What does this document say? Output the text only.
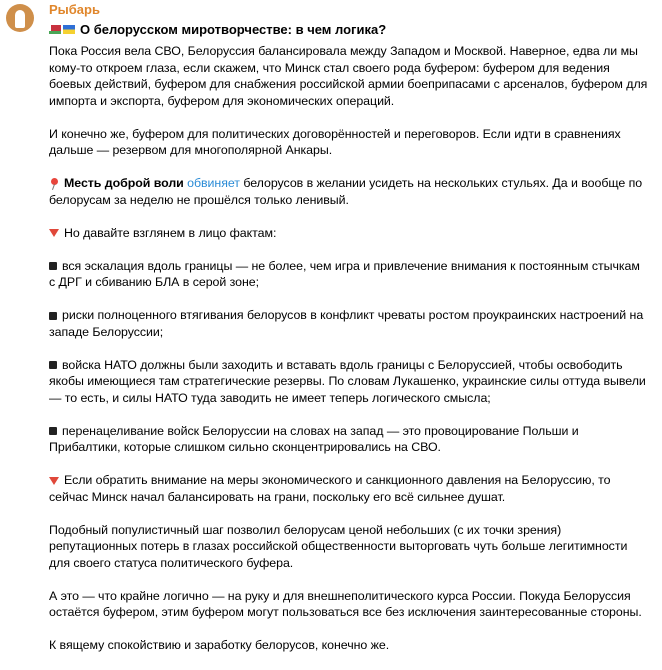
Рыбарь
О белорусском миротворчестве: в чем логика?

Пока Россия вела СВО, Белоруссия балансировала между Западом и Москвой. Наверное, едва ли мы кому-то откроем глаза, если скажем, что Минск стал своего рода буфером: буфером для ведения боевых действий, буфером для снабжения российской армии боеприпасами с арсеналов, буфером для импорта и экспорта, буфером для экономических операций.

И конечно же, буфером для политических договорённостей и переговоров. Если идти в сравнениях дальше — резервом для многополярной Анкары.

Месть доброй воли обвиняет белорусов в желании усидеть на нескольких стульях. Да и вообще по белорусам за неделю не прошёлся только ленивый.

Но давайте взглянем в лицо фактам:

вся эскалация вдоль границы — не более, чем игра и привлечение внимания к постоянным стычкам с ДРГ и сбиванию БЛА в серой зоне;

риски полноценного втягивания белорусов в конфликт чреваты ростом проукраинских настроений на западе Белоруссии;

войска НАТО должны были заходить и вставать вдоль границы с Белоруссией, чтобы освободить якобы имеющиеся там стратегические резервы. По словам Лукашенко, украинские силы оттуда вывели — то есть, и силы НАТО туда заводить не имеет теперь логического смысла;

перенацеливание войск Белоруссии на словах на запад — это провоцирование Польши и Прибалтики, которые слишком сильно сконцентрировались на СВО.

Если обратить внимание на меры экономического и санкционного давления на Белоруссию, то сейчас Минск начал балансировать на грани, поскольку его всё сильнее душат.

Подобный популистичный шаг позволил белорусам ценой небольших (с их точки зрения) репутационных потерь в глазах российской общественности выторговать чуть больше легитимности для своего статуса политического буфера.

А это — что крайне логично — на руку и для внешнеполитического курса России. Покуда Белоруссия остаётся буфером, этим буфером могут пользоваться все без исключения заинтересованные стороны.

К вящему спокойствию и заработку белорусов, конечно же.
